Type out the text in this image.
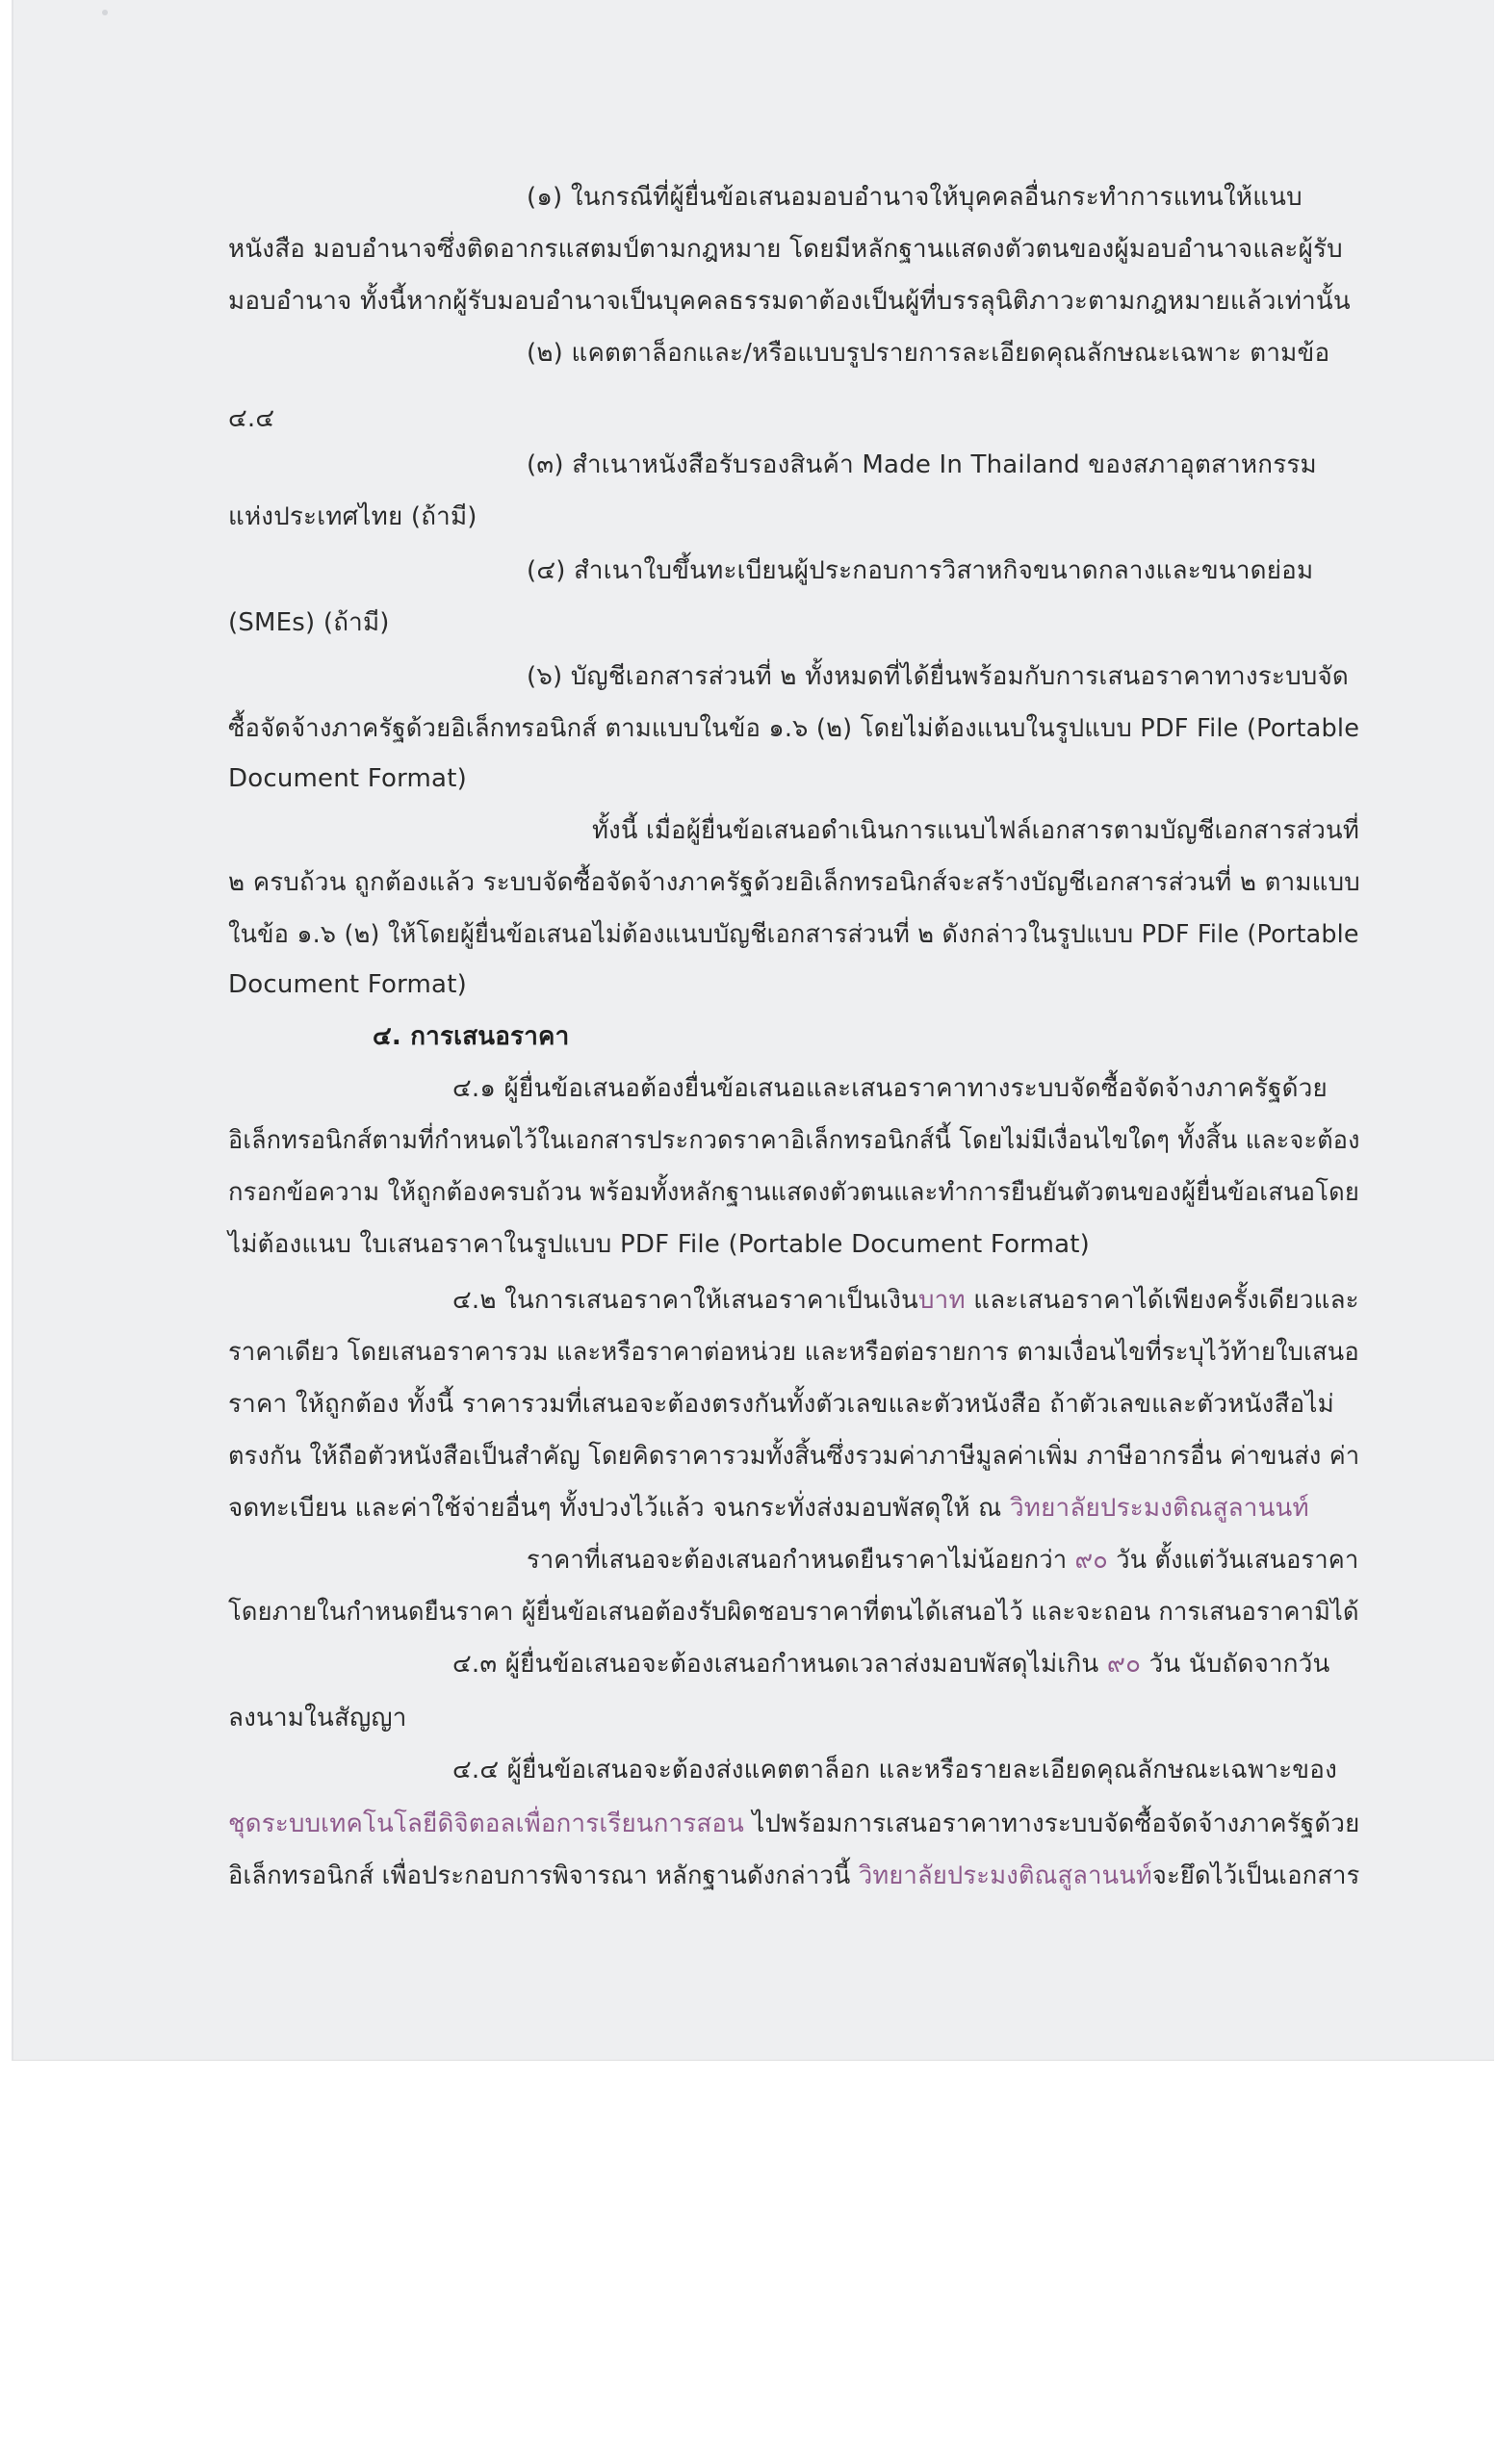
(๑) ในกรณีที่ผู้ยื่นข้อเสนอมอบอำนาจให้บุคคลอื่นกระทำการแทนให้แนบ
หนังสือ มอบอำนาจซึ่งติดอากรแสตมป์ตามกฎหมาย โดยมีหลักฐานแสดงตัวตนของผู้มอบอำนาจและผู้รับ
มอบอำนาจ ทั้งนี้หากผู้รับมอบอำนาจเป็นบุคคลธรรมดาต้องเป็นผู้ที่บรรลุนิติภาวะตามกฎหมายแล้วเท่านั้น
(๒) แคตตาล็อกและ/หรือแบบรูปรายการละเอียดคุณลักษณะเฉพาะ ตามข้อ
๔.๔
(๓) สำเนาหนังสือรับรองสินค้า Made In Thailand ของสภาอุตสาหกรรม
แห่งประเทศไทย (ถ้ามี)
(๔) สำเนาใบขึ้นทะเบียนผู้ประกอบการวิสาหกิจขนาดกลางและขนาดย่อม
(SMEs) (ถ้ามี)
(๖) บัญชีเอกสารส่วนที่ ๒ ทั้งหมดที่ได้ยื่นพร้อมกับการเสนอราคาทางระบบจัด
ซื้อจัดจ้างภาครัฐด้วยอิเล็กทรอนิกส์ ตามแบบในข้อ ๑.๖ (๒) โดยไม่ต้องแนบในรูปแบบ PDF File (Portable
Document Format)
ทั้งนี้ เมื่อผู้ยื่นข้อเสนอดำเนินการแนบไฟล์เอกสารตามบัญชีเอกสารส่วนที่
๒ ครบถ้วน ถูกต้องแล้ว ระบบจัดซื้อจัดจ้างภาครัฐด้วยอิเล็กทรอนิกส์จะสร้างบัญชีเอกสารส่วนที่ ๒ ตามแบบ
ในข้อ ๑.๖ (๒) ให้โดยผู้ยื่นข้อเสนอไม่ต้องแนบบัญชีเอกสารส่วนที่ ๒ ดังกล่าวในรูปแบบ PDF File (Portable
Document Format)
๔. การเสนอราคา
๔.๑ ผู้ยื่นข้อเสนอต้องยื่นข้อเสนอและเสนอราคาทางระบบจัดซื้อจัดจ้างภาครัฐด้วย
อิเล็กทรอนิกส์ตามที่กำหนดไว้ในเอกสารประกวดราคาอิเล็กทรอนิกส์นี้ โดยไม่มีเงื่อนไขใดๆ ทั้งสิ้น และจะต้อง
กรอกข้อความ ให้ถูกต้องครบถ้วน พร้อมทั้งหลักฐานแสดงตัวตนและทำการยืนยันตัวตนของผู้ยื่นข้อเสนอโดย
ไม่ต้องแนบ ใบเสนอราคาในรูปแบบ PDF File (Portable Document Format)
๔.๒ ในการเสนอราคาให้เสนอราคาเป็นเงินบาท และเสนอราคาได้เพียงครั้งเดียวและ
ราคาเดียว โดยเสนอราคารวม และหรือราคาต่อหน่วย และหรือต่อรายการ ตามเงื่อนไขที่ระบุไว้ท้ายใบเสนอ
ราคา ให้ถูกต้อง ทั้งนี้ ราคารวมที่เสนอจะต้องตรงกันทั้งตัวเลขและตัวหนังสือ ถ้าตัวเลขและตัวหนังสือไม่
ตรงกัน ให้ถือตัวหนังสือเป็นสำคัญ โดยคิดราคารวมทั้งสิ้นซึ่งรวมค่าภาษีมูลค่าเพิ่ม ภาษีอากรอื่น ค่าขนส่ง ค่า
จดทะเบียน และค่าใช้จ่ายอื่นๆ ทั้งปวงไว้แล้ว จนกระทั่งส่งมอบพัสดุให้ ณ วิทยาลัยประมงติณสูลานนท์
ราคาที่เสนอจะต้องเสนอกำหนดยืนราคาไม่น้อยกว่า ๙๐ วัน ตั้งแต่วันเสนอราคา
โดยภายในกำหนดยืนราคา ผู้ยื่นข้อเสนอต้องรับผิดชอบราคาที่ตนได้เสนอไว้ และจะถอน การเสนอราคามิได้
๔.๓ ผู้ยื่นข้อเสนอจะต้องเสนอกำหนดเวลาส่งมอบพัสดุไม่เกิน ๙๐ วัน นับถัดจากวัน
ลงนามในสัญญา
๔.๔ ผู้ยื่นข้อเสนอจะต้องส่งแคตตาล็อก และหรือรายละเอียดคุณลักษณะเฉพาะของ
ชุดระบบเทคโนโลยีดิจิตอลเพื่อการเรียนการสอน ไปพร้อมการเสนอราคาทางระบบจัดซื้อจัดจ้างภาครัฐด้วย
อิเล็กทรอนิกส์ เพื่อประกอบการพิจารณา หลักฐานดังกล่าวนี้ วิทยาลัยประมงติณสูลานนท์จะยึดไว้เป็นเอกสาร
